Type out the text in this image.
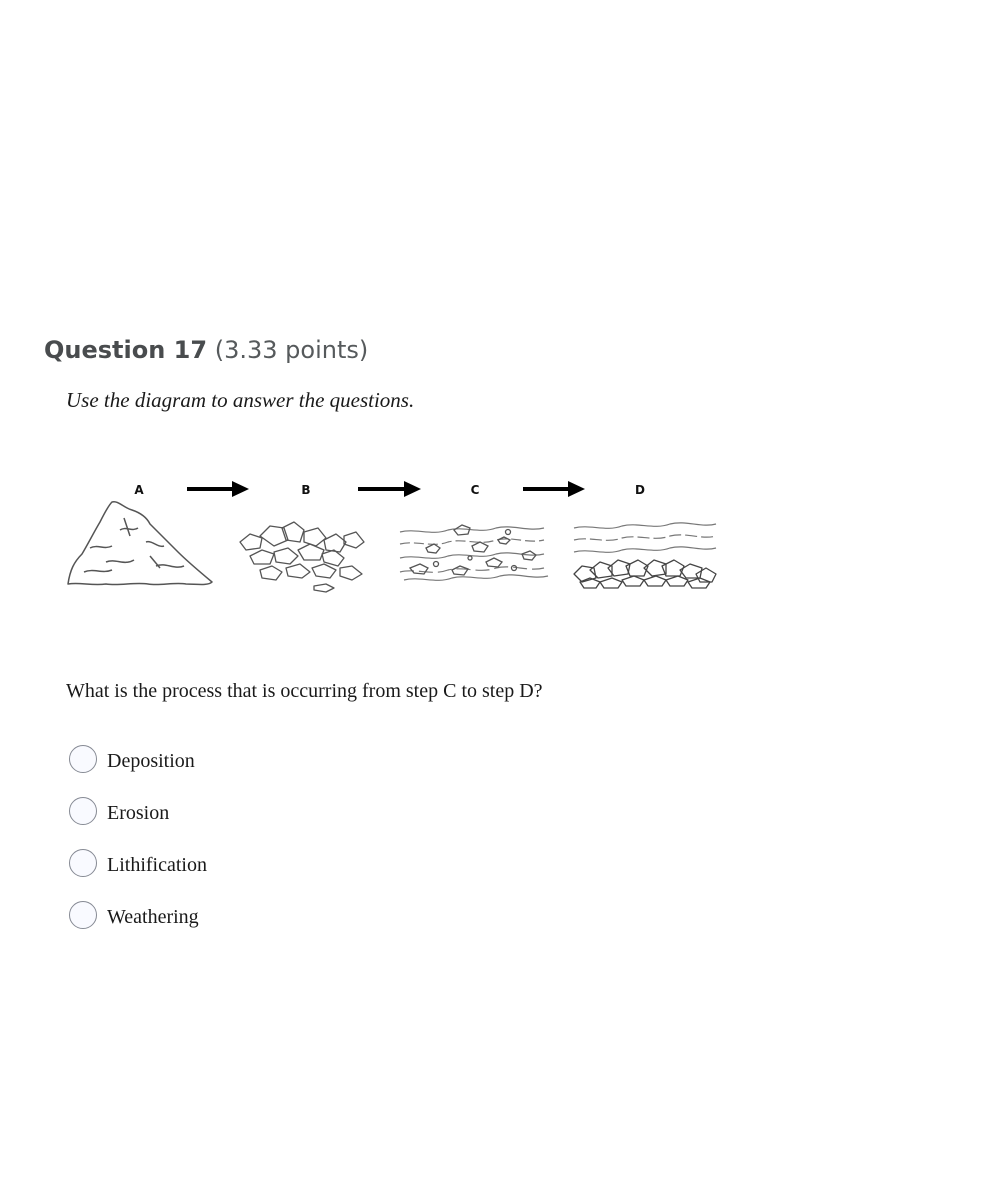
Question 17 (3.33 points)
Use the diagram to answer the questions.
A	B	C	D
What is the process that is occurring from step C to step D?
Deposition
Erosion
Lithification
Weathering
